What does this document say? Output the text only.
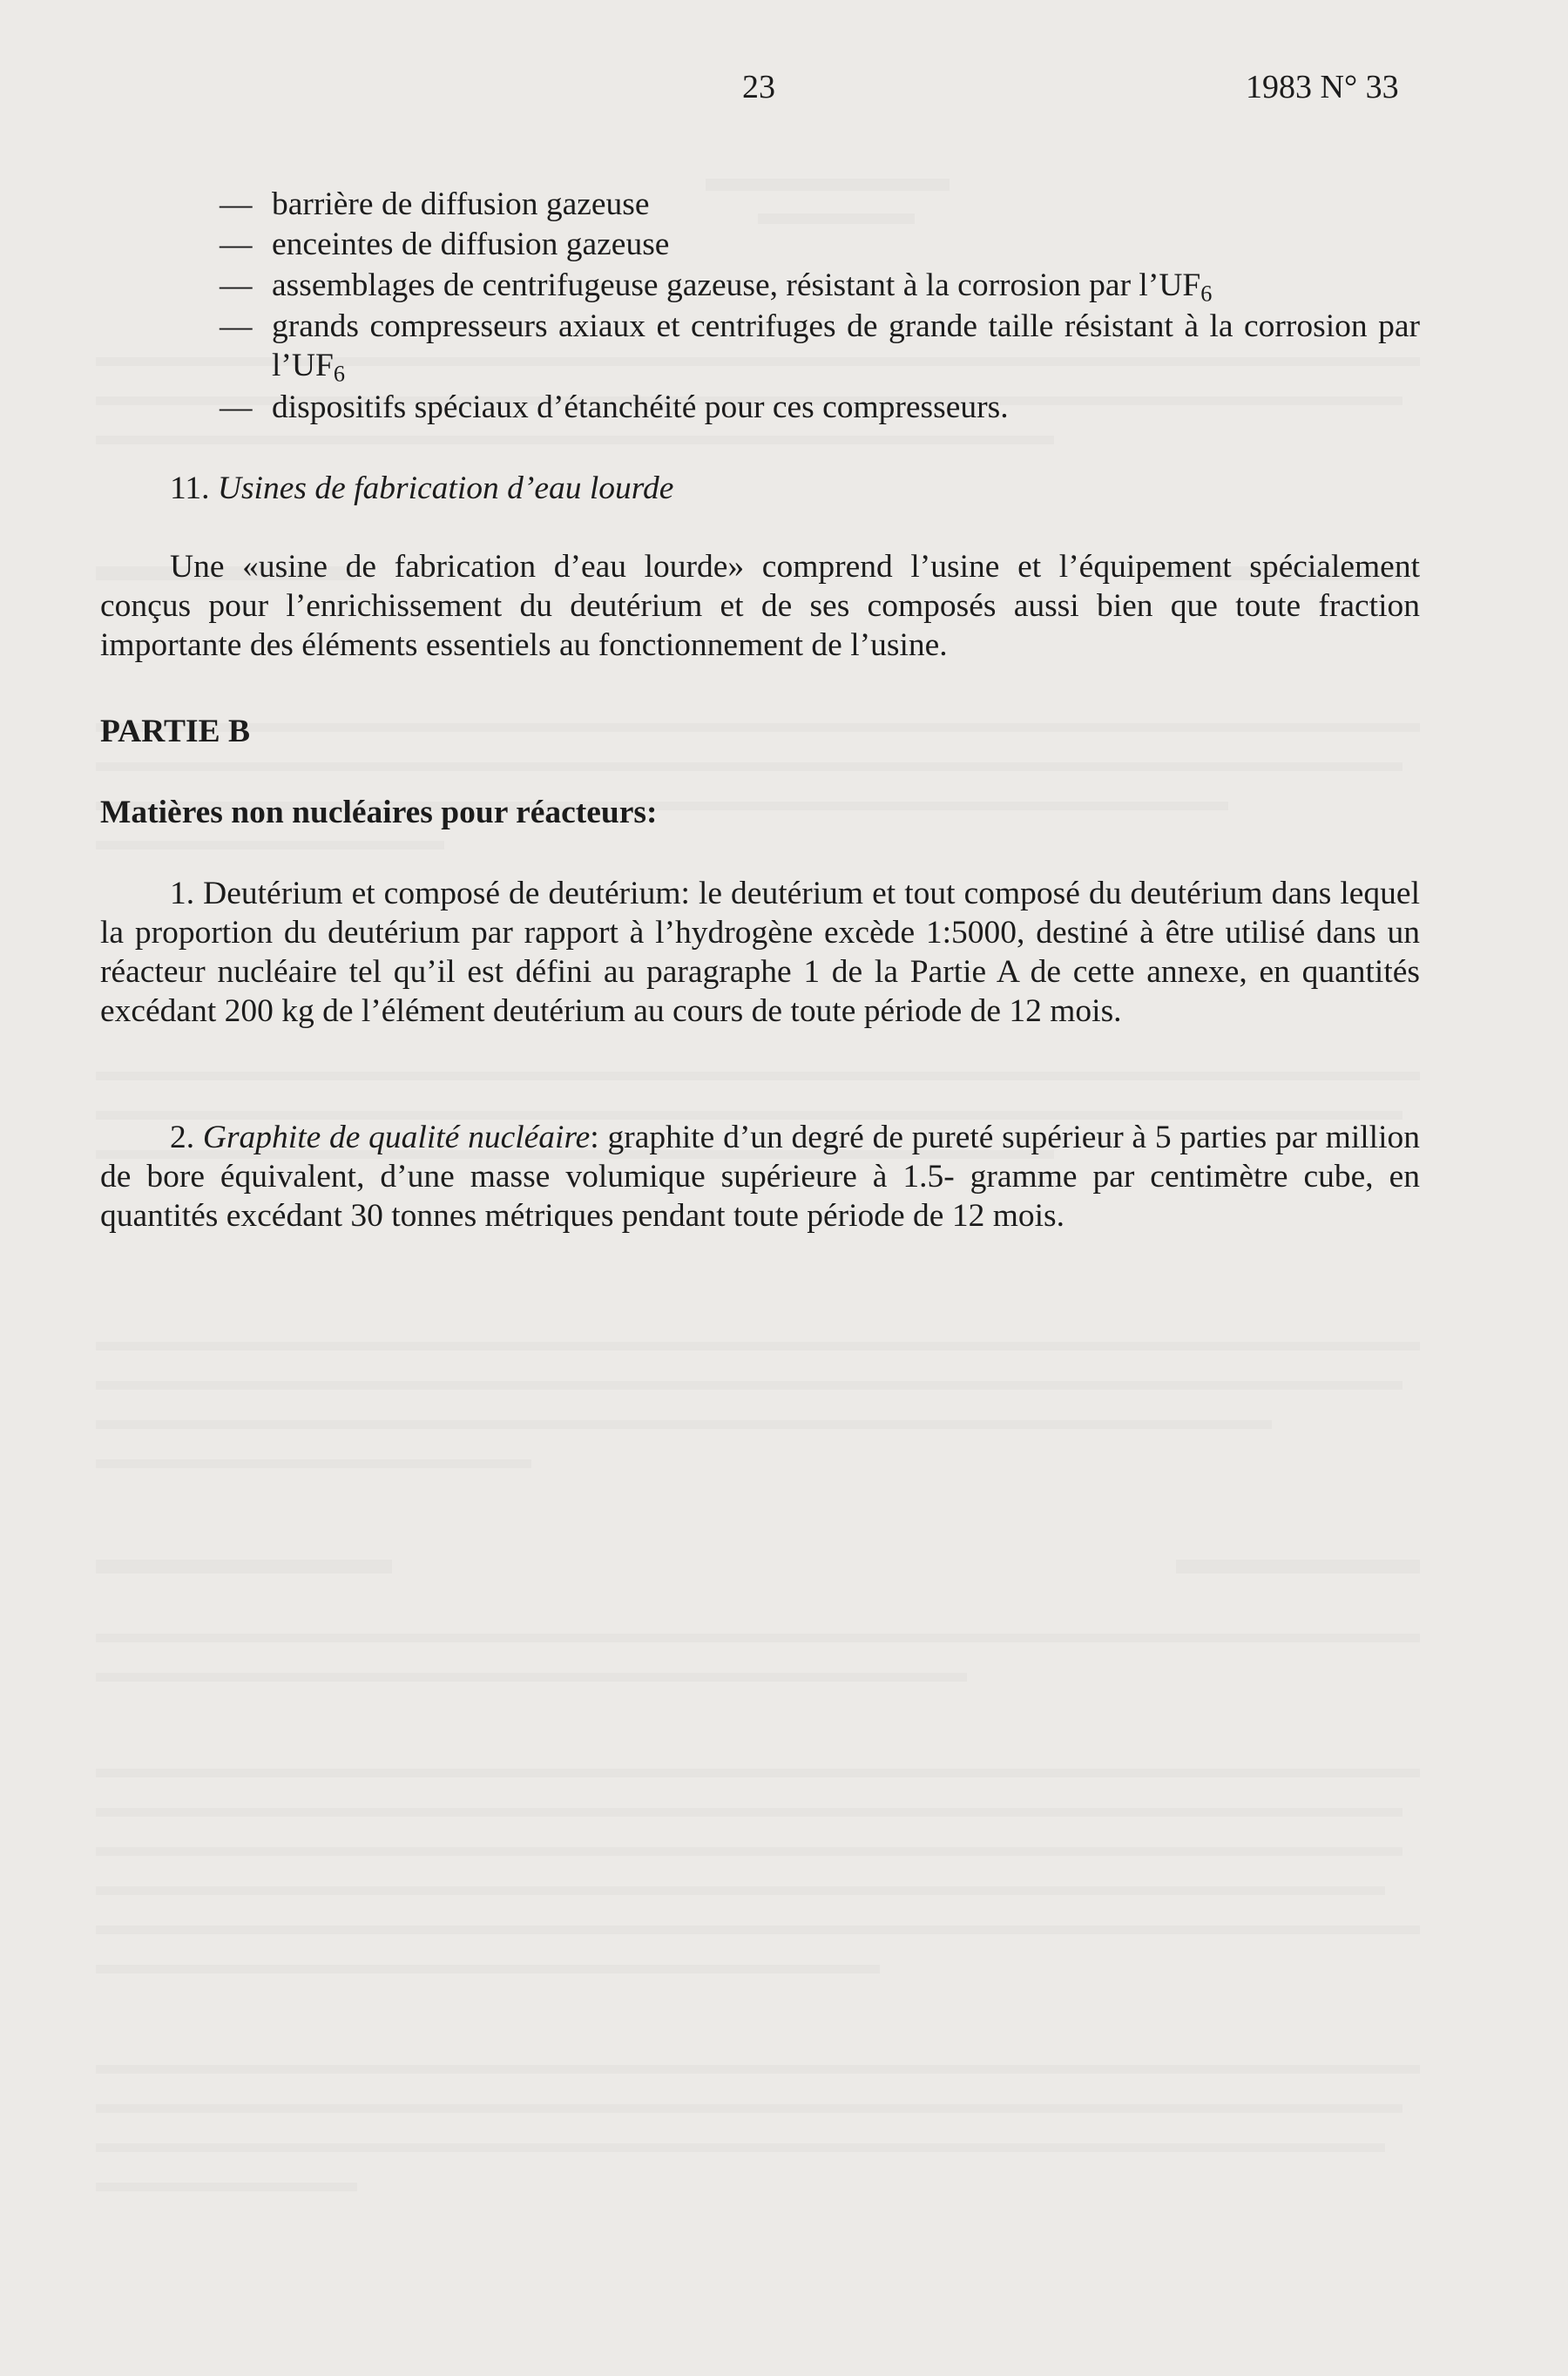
23	1983 N° 33
— barrière de diffusion gazeuse
— enceintes de diffusion gazeuse
— assemblages de centrifugeuse gazeuse, résistant à la corrosion par $l’UF_6$
— grands compresseurs axiaux et centrifuges de grande taille résistant à la corrosion par $l’UF_6$
— dispositifs spéciaux d’étanchéité pour ces compresseurs.
11. Usines de fabrication d’eau lourde
Une «usine de fabrication d’eau lourde» comprend l’usine et l’équipement spécialement conçus pour l’enrichissement du deutérium et de ses composés aussi bien que toute fraction importante des éléments essentiels au fonctionnement de l’usine.
PARTIE B
Matières non nucléaires pour réacteurs:
1. Deutérium et composé de deutérium: le deutérium et tout composé du deutérium dans lequel la proportion du deutérium par rapport à l’hydrogène excède 1:5000, destiné à être utilisé dans un réacteur nucléaire tel qu’il est défini au paragraphe 1 de la Partie A de cette annexe, en quantités excédant 200 kg de l’élément deutérium au cours de toute période de 12 mois.
2. Graphite de qualité nucléaire: graphite d’un degré de pureté supérieur à 5 parties par million de bore équivalent, d’une masse volumique supérieure à 1.5- gramme par centimètre cube, en quantités excédant 30 tonnes métriques pendant toute période de 12 mois.
